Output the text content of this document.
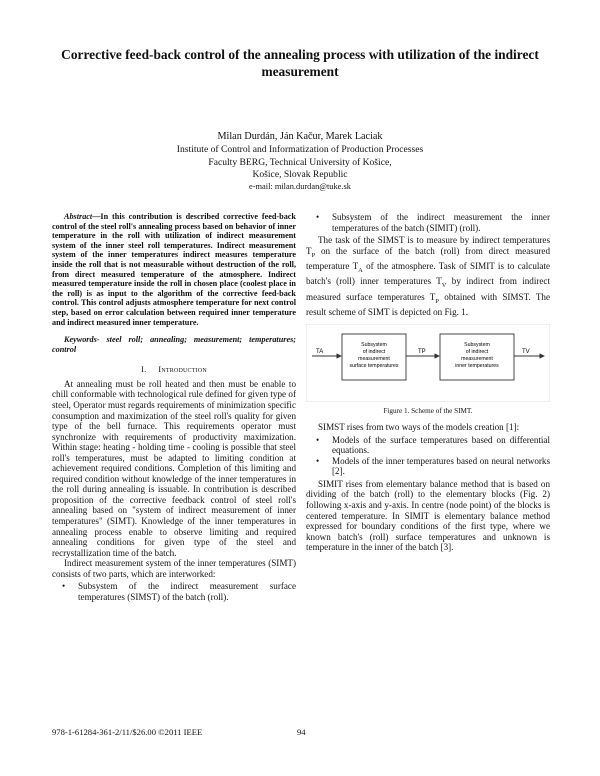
Corrective feed-back control of the annealing process with utilization of the indirect measurement
Milan Durdán, Ján Kačur, Marek Laciak
Institute of Control and Informatization of Production Processes
Faculty BERG, Technical University of Košice,
Košice, Slovak Republic
e-mail: milan.durdan@tuke.sk

Abstract—In this contribution is described corrective feed-back control of the steel roll's annealing process based on behavior of inner temperature in the roll with utilization of indirect measurement system of the inner steel roll temperatures. Indirect measurement system of the inner temperatures indirect measures temperature inside the roll that is not measurable without destruction of the roll, from direct measured temperature of the atmosphere. Indirect measured temperature inside the roll in chosen place (coolest place in the roll) is as input to the algorithm of the corrective feed-back control. This control adjusts atmosphere temperature for next control step, based on error calculation between required inner temperature and indirect measured inner temperature.

Keywords- steel roll; annealing; measurement; temperatures; control

I. Introduction

At annealing must be roll heated and then must be enable to chill conformable with technological rule defined for given type of steel, Operator must regards requirements of minimization specific consumption and maximization of the steel roll's quality for given type of the bell furnace. This requirements operator must synchronize with requirements of productivity maximization. Within stage: heating - holding time - cooling is possible that steel roll's temperatures, must be adapted to limiting condition at achievement required conditions. Completion of this limiting and required condition without knowledge of the inner temperatures in the roll during annealing is issuable. In contribution is described proposition of the corrective feedback control of steel roll's annealing based on "system of indirect measurement of inner temperatures" (SIMT). Knowledge of the inner temperatures in annealing process enable to observe limiting and required annealing conditions for given type of the steel and recrystallization time of the batch.

Indirect measurement system of the inner temperatures (SIMT) consists of two parts, which are interworked:

• Subsystem of the indirect measurement surface temperatures (SIMST) of the batch (roll).
• Subsystem of the indirect measurement the inner temperatures of the batch (SIMIT) (roll).

The task of the SIMST is to measure by indirect temperatures $T_P$ on the surface of the batch (roll) from direct measured temperature $T_A$ of the atmosphere. Task of SIMIT is to calculate batch's (roll) inner temperatures $T_V$ by indirect from indirect measured surface temperatures $T_P$ obtained with SIMST. The result scheme of SIMT is depicted on Fig. 1.

TA	TP	TV
Subsystem
of indirect
measurement
surface temperatures
Subsystem
of indirect
measurement
inner temperatures

Figure 1. Scheme of the SIMT.

SIMST rises from two ways of the models creation [1]:

• Models of the surface temperatures based on differential equations.
• Models of the inner temperatures based on neural networks [2].

SIMIT rises from elementary balance method that is based on dividing of the batch (roll) to the elementary blocks (Fig. 2) following x-axis and y-axis. In centre (node point) of the blocks is centered temperature. In SIMIT is elementary balance method expressed for boundary conditions of the first type, where we known batch's (roll) surface temperatures and unknown is temperature in the inner of the batch [3].

978-1-61284-361-2/11/$26.00 ©2011 IEEE	94
